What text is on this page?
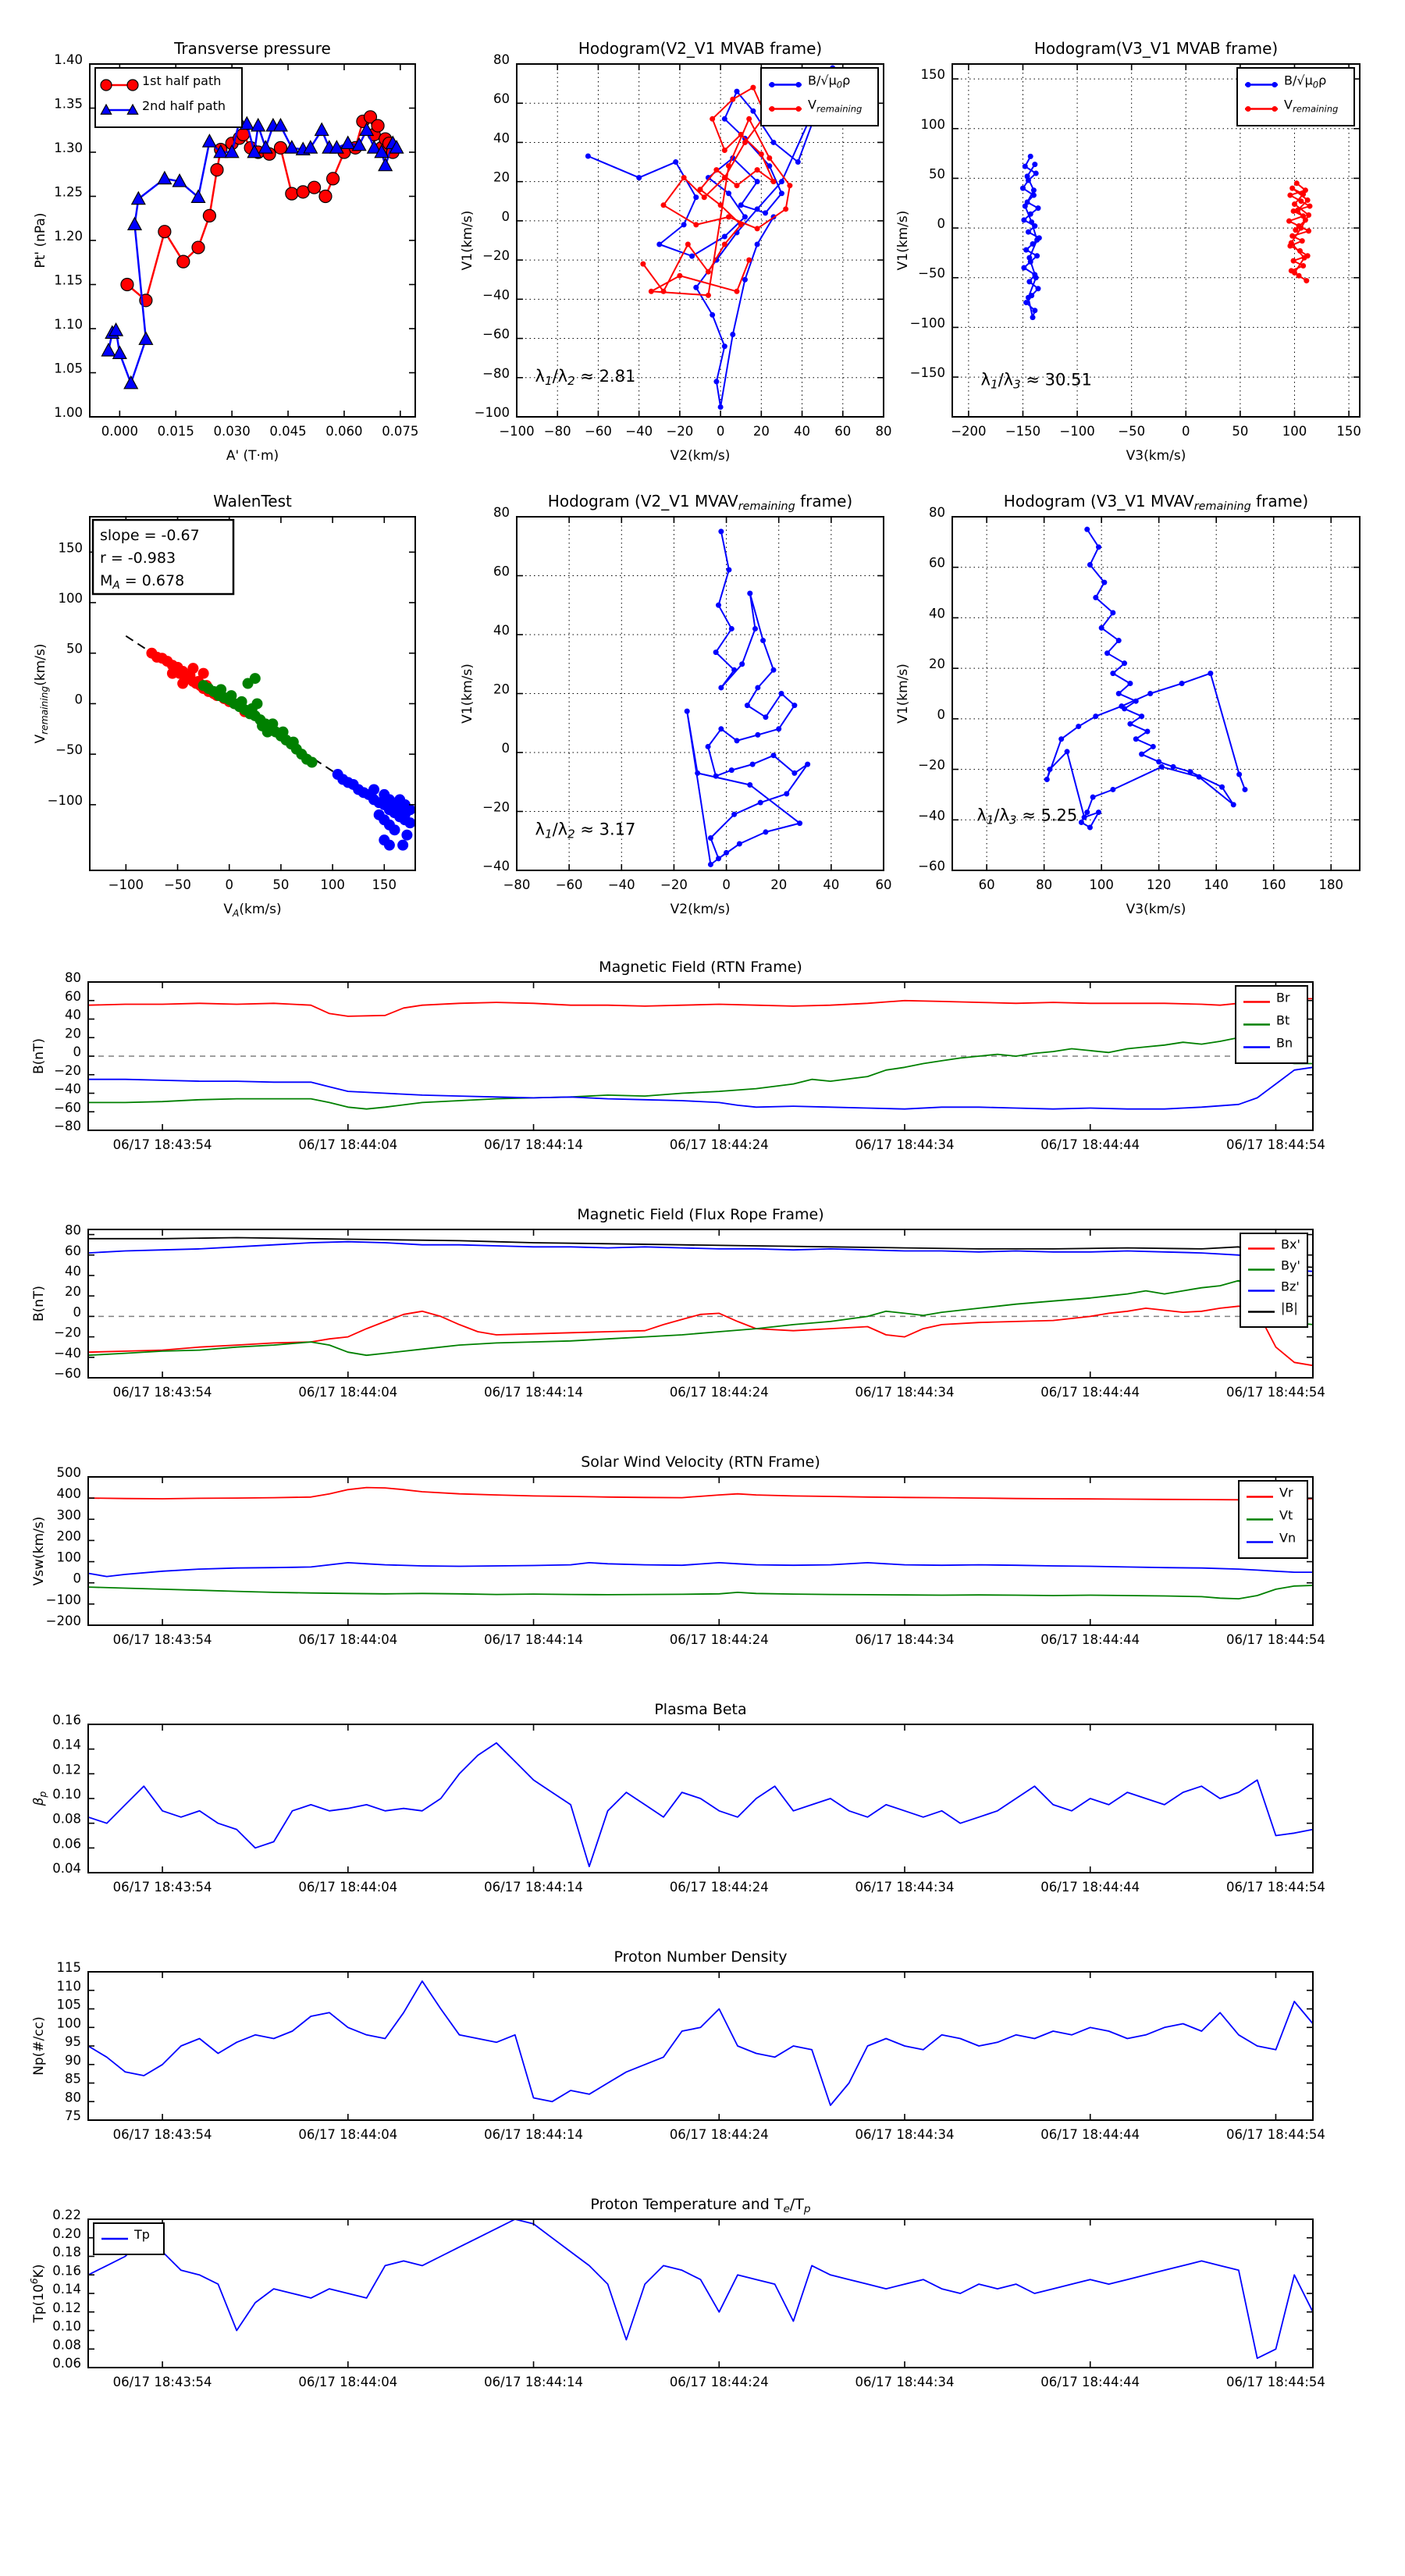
0.000 0.015 0.030 0.045 0.060 0.075
1.00
1.05
1.10
1.15
1.20
1.25
1.30
1.35
1.40
Transverse pressure
A' (T·m)
Pt' (nPa)
1st half path
2nd half path
−100 −80 −60 −40 −20 0 20 40 60 80
−100
−80
−60
−40
−20
0
20
40
60
80
Hodogram(V2_V1 MVAB frame)
V2(km/s)
V1(km/s)
λ1/λ2 ≈ 2.81
$B/√\mu_0\rho$
$V_{remaining}$
−200 −150 −100 −50	0	50	100 150
−150
−100
−50
0
50
100
150
Hodogram(V3_V1 MVAB frame)
V3(km/s)
V1(km/s)
λ1/λ3 ≈ 30.51
$B/√\mu_0\rho$
$V_{remaining}$
−100 −50	0	50 100 150
−100
−50
0
50
100
150
WalenTest
$V_A(km/s)$
$V_{remaining}(km/s)$
slope = -0.67
r = -0.983
$M_A = 0.678$
−80 −60 −40 −20	0	20	40	60
−40
−20
0
20
40
60
80
Hodogram (V2_V1 $MVAV_{remaining}$ frame)
V2(km/s)
V1(km/s)
λ1/λ2 ≈ 3.17
60	80	100	120	140	160	180
−60
−40
−20
0
20
40
60
80
Hodogram (V3_V1 $MVAV_{remaining}$ frame)
V3(km/s)
V1(km/s)
λ1/λ3 ≈ 5.25
06/17 18:43:54	06/17 18:44:04	06/17 18:44:14	06/17 18:44:24	06/17 18:44:34	06/17 18:44:44	06/17 18:44:54
−80
−60
−40
−20
0
20
40
60
80
Magnetic Field (RTN Frame)
B(nT)
Br
Bt
Bn
06/17 18:43:54	06/17 18:44:04	06/17 18:44:14	06/17 18:44:24	06/17 18:44:34	06/17 18:44:44	06/17 18:44:54
−60
−40
−20
0
20
40
60
80
Magnetic Field (Flux Rope Frame)
B(nT)
Bx'
By'
Bz'
|B|
06/17 18:43:54	06/17 18:44:04	06/17 18:44:14	06/17 18:44:24	06/17 18:44:34	06/17 18:44:44	06/17 18:44:54
−200
−100
0
100
200
300
400
500
Solar Wind Velocity (RTN Frame)
Vsw(km/s)
Vr
Vt
Vn
06/17 18:43:54	06/17 18:44:04	06/17 18:44:14	06/17 18:44:24	06/17 18:44:34	06/17 18:44:44	06/17 18:44:54
0.04
0.06
0.08
0.10
0.12
0.14
0.16
Plasma Beta
$\beta_p$
06/17 18:43:54	06/17 18:44:04	06/17 18:44:14	06/17 18:44:24	06/17 18:44:34	06/17 18:44:44	06/17 18:44:54
75
80
85
90
95
100
105
110
115
Proton Number Density
Np(#/cc)
06/17 18:43:54	06/17 18:44:04	06/17 18:44:14	06/17 18:44:24	06/17 18:44:34	06/17 18:44:44	06/17 18:44:54
0.06
0.08
0.10
0.12
0.14
0.16
0.18
0.20
0.22
Proton Temperature and $T_e/T_p$
$Tp(10^6K)$
Tp
